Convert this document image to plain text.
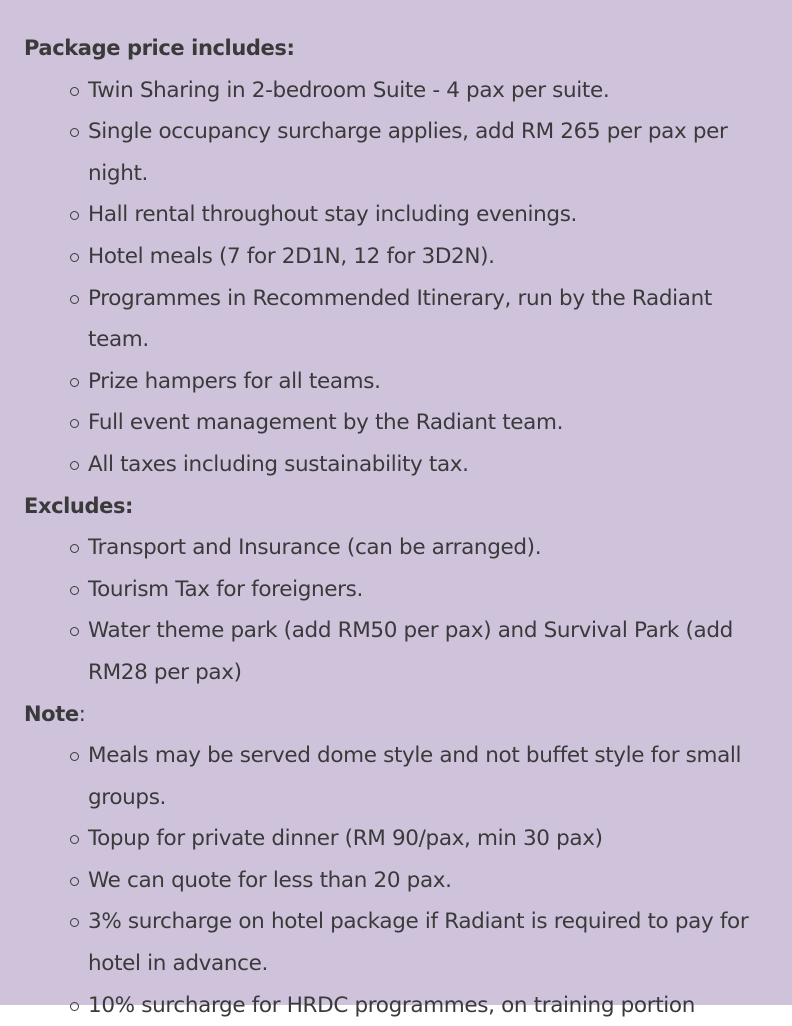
Package price includes:

Twin Sharing in 2-bedroom Suite - 4 pax per suite.
Single occupancy surcharge applies, add RM 265 per pax per night.
Hall rental throughout stay including evenings.
Hotel meals (7 for 2D1N, 12 for 3D2N).
Programmes in Recommended Itinerary, run by the Radiant team.
Prize hampers for all teams.
Full event management by the Radiant team.
All taxes including sustainability tax.

Excludes:

Transport and Insurance (can be arranged).
Tourism Tax for foreigners.
Water theme park (add RM50 per pax) and Survival Park (add RM28 per pax)

Note:

Meals may be served dome style and not buffet style for small groups.
Topup for private dinner (RM 90/pax, min 30 pax)
We can quote for less than 20 pax.
3% surcharge on hotel package if Radiant is required to pay for hotel in advance.
10% surcharge for HRDC programmes, on training portion
